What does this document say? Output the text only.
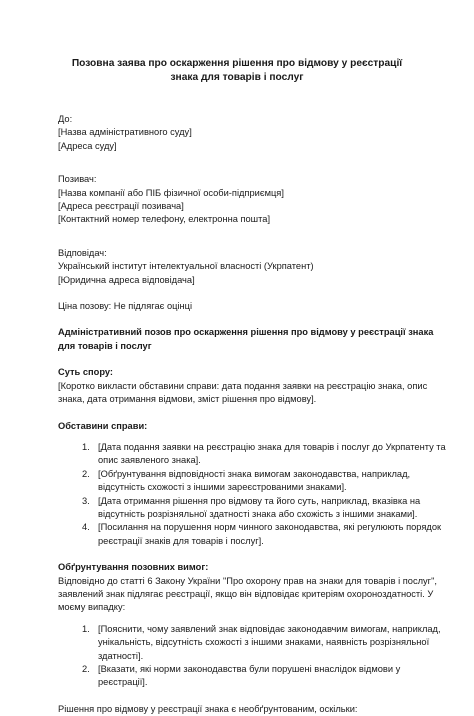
Позовна заява про оскарження рішення про відмову у реєстрації знака для товарів і послуг
До:
[Назва адміністративного суду]
[Адреса суду]
Позивач:
[Назва компанії або ПІБ фізичної особи-підприємця]
[Адреса реєстрації позивача]
[Контактний номер телефону, електронна пошта]
Відповідач:
Український інститут інтелектуальної власності (Укрпатент)
[Юридична адреса відповідача]
Ціна позову: Не підлягає оцінці
Адміністративний позов про оскарження рішення про відмову у реєстрації знака
для товарів і послуг
Суть спору:
[Коротко викласти обставини справи: дата подання заявки на реєстрацію знака, опис
знака, дата отримання відмови, зміст рішення про відмову].
Обставини справи:
1. [Дата подання заявки на реєстрацію знака для товарів і послуг до Укрпатенту та
опис заявленого знака].
2. [Обґрунтування відповідності знака вимогам законодавства, наприклад,
відсутність схожості з іншими зареєстрованими знаками].
3. [Дата отримання рішення про відмову та його суть, наприклад, вказівка на
відсутність розрізняльної здатності знака або схожість з іншими знаками].
4. [Посилання на порушення норм чинного законодавства, які регулюють порядок
реєстрації знаків для товарів і послуг].
Обґрунтування позовних вимог:
Відповідно до статті 6 Закону України "Про охорону прав на знаки для товарів і послуг",
заявлений знак підлягає реєстрації, якщо він відповідає критеріям охороноздатності. У
моєму випадку:
1. [Пояснити, чому заявлений знак відповідає законодавчим вимогам, наприклад,
унікальність, відсутність схожості з іншими знаками, наявність розрізняльної
здатності].
2. [Вказати, які норми законодавства були порушені внаслідок відмови у
реєстрації].
Рішення про відмову у реєстрації знака є необґрунтованим, оскільки:
